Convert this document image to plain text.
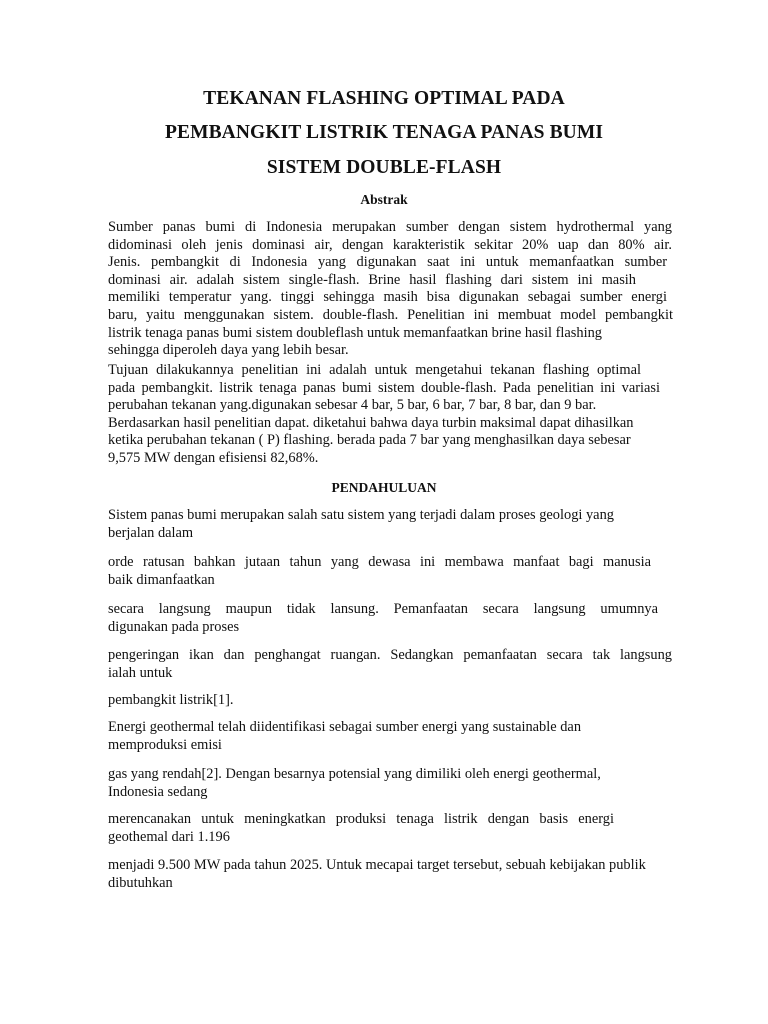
TEKANAN FLASHING OPTIMAL PADA
PEMBANGKIT LISTRIK TENAGA PANAS BUMI
SISTEM DOUBLE-FLASH
Abstrak
Sumber panas bumi di Indonesia merupakan sumber dengan sistem hydrothermal yang
didominasi oleh jenis dominasi air, dengan karakteristik sekitar 20% uap dan 80% air.
Jenis. pembangkit di Indonesia yang digunakan saat ini untuk memanfaatkan sumber
dominasi air. adalah sistem single-flash. Brine hasil flashing dari sistem ini masih
memiliki temperatur yang. tinggi sehingga masih bisa digunakan sebagai sumber energi
baru, yaitu menggunakan sistem. double-flash. Penelitian ini membuat model pembangkit
listrik tenaga panas bumi sistem doubleflash untuk memanfaatkan brine hasil flashing
sehingga diperoleh daya yang lebih besar.
Tujuan dilakukannya penelitian ini adalah untuk mengetahui tekanan flashing optimal
pada pembangkit. listrik tenaga panas bumi sistem double-flash. Pada penelitian ini variasi
perubahan tekanan yang.digunakan sebesar 4 bar, 5 bar, 6 bar, 7 bar, 8 bar, dan 9 bar.
Berdasarkan hasil penelitian dapat. diketahui bahwa daya turbin maksimal dapat dihasilkan
ketika perubahan tekanan ( P) flashing. berada pada 7 bar yang menghasilkan daya sebesar
9,575 MW dengan efisiensi 82,68%.
PENDAHULUAN
Sistem panas bumi merupakan salah satu sistem yang terjadi dalam proses geologi yang
berjalan dalam
orde ratusan bahkan jutaan tahun yang dewasa ini membawa manfaat bagi manusia
baik dimanfaatkan
secara langsung maupun tidak lansung. Pemanfaatan secara langsung umumnya
digunakan pada proses
pengeringan ikan dan penghangat ruangan. Sedangkan pemanfaatan secara tak langsung
ialah untuk
pembangkit listrik[1].
Energi geothermal telah diidentifikasi sebagai sumber energi yang sustainable dan
memproduksi emisi
gas yang rendah[2]. Dengan besarnya potensial yang dimiliki oleh energi geothermal,
Indonesia sedang
merencanakan untuk meningkatkan produksi tenaga listrik dengan basis energi
geothemal dari 1.196
menjadi 9.500 MW pada tahun 2025. Untuk mecapai target tersebut, sebuah kebijakan publik
dibutuhkan
